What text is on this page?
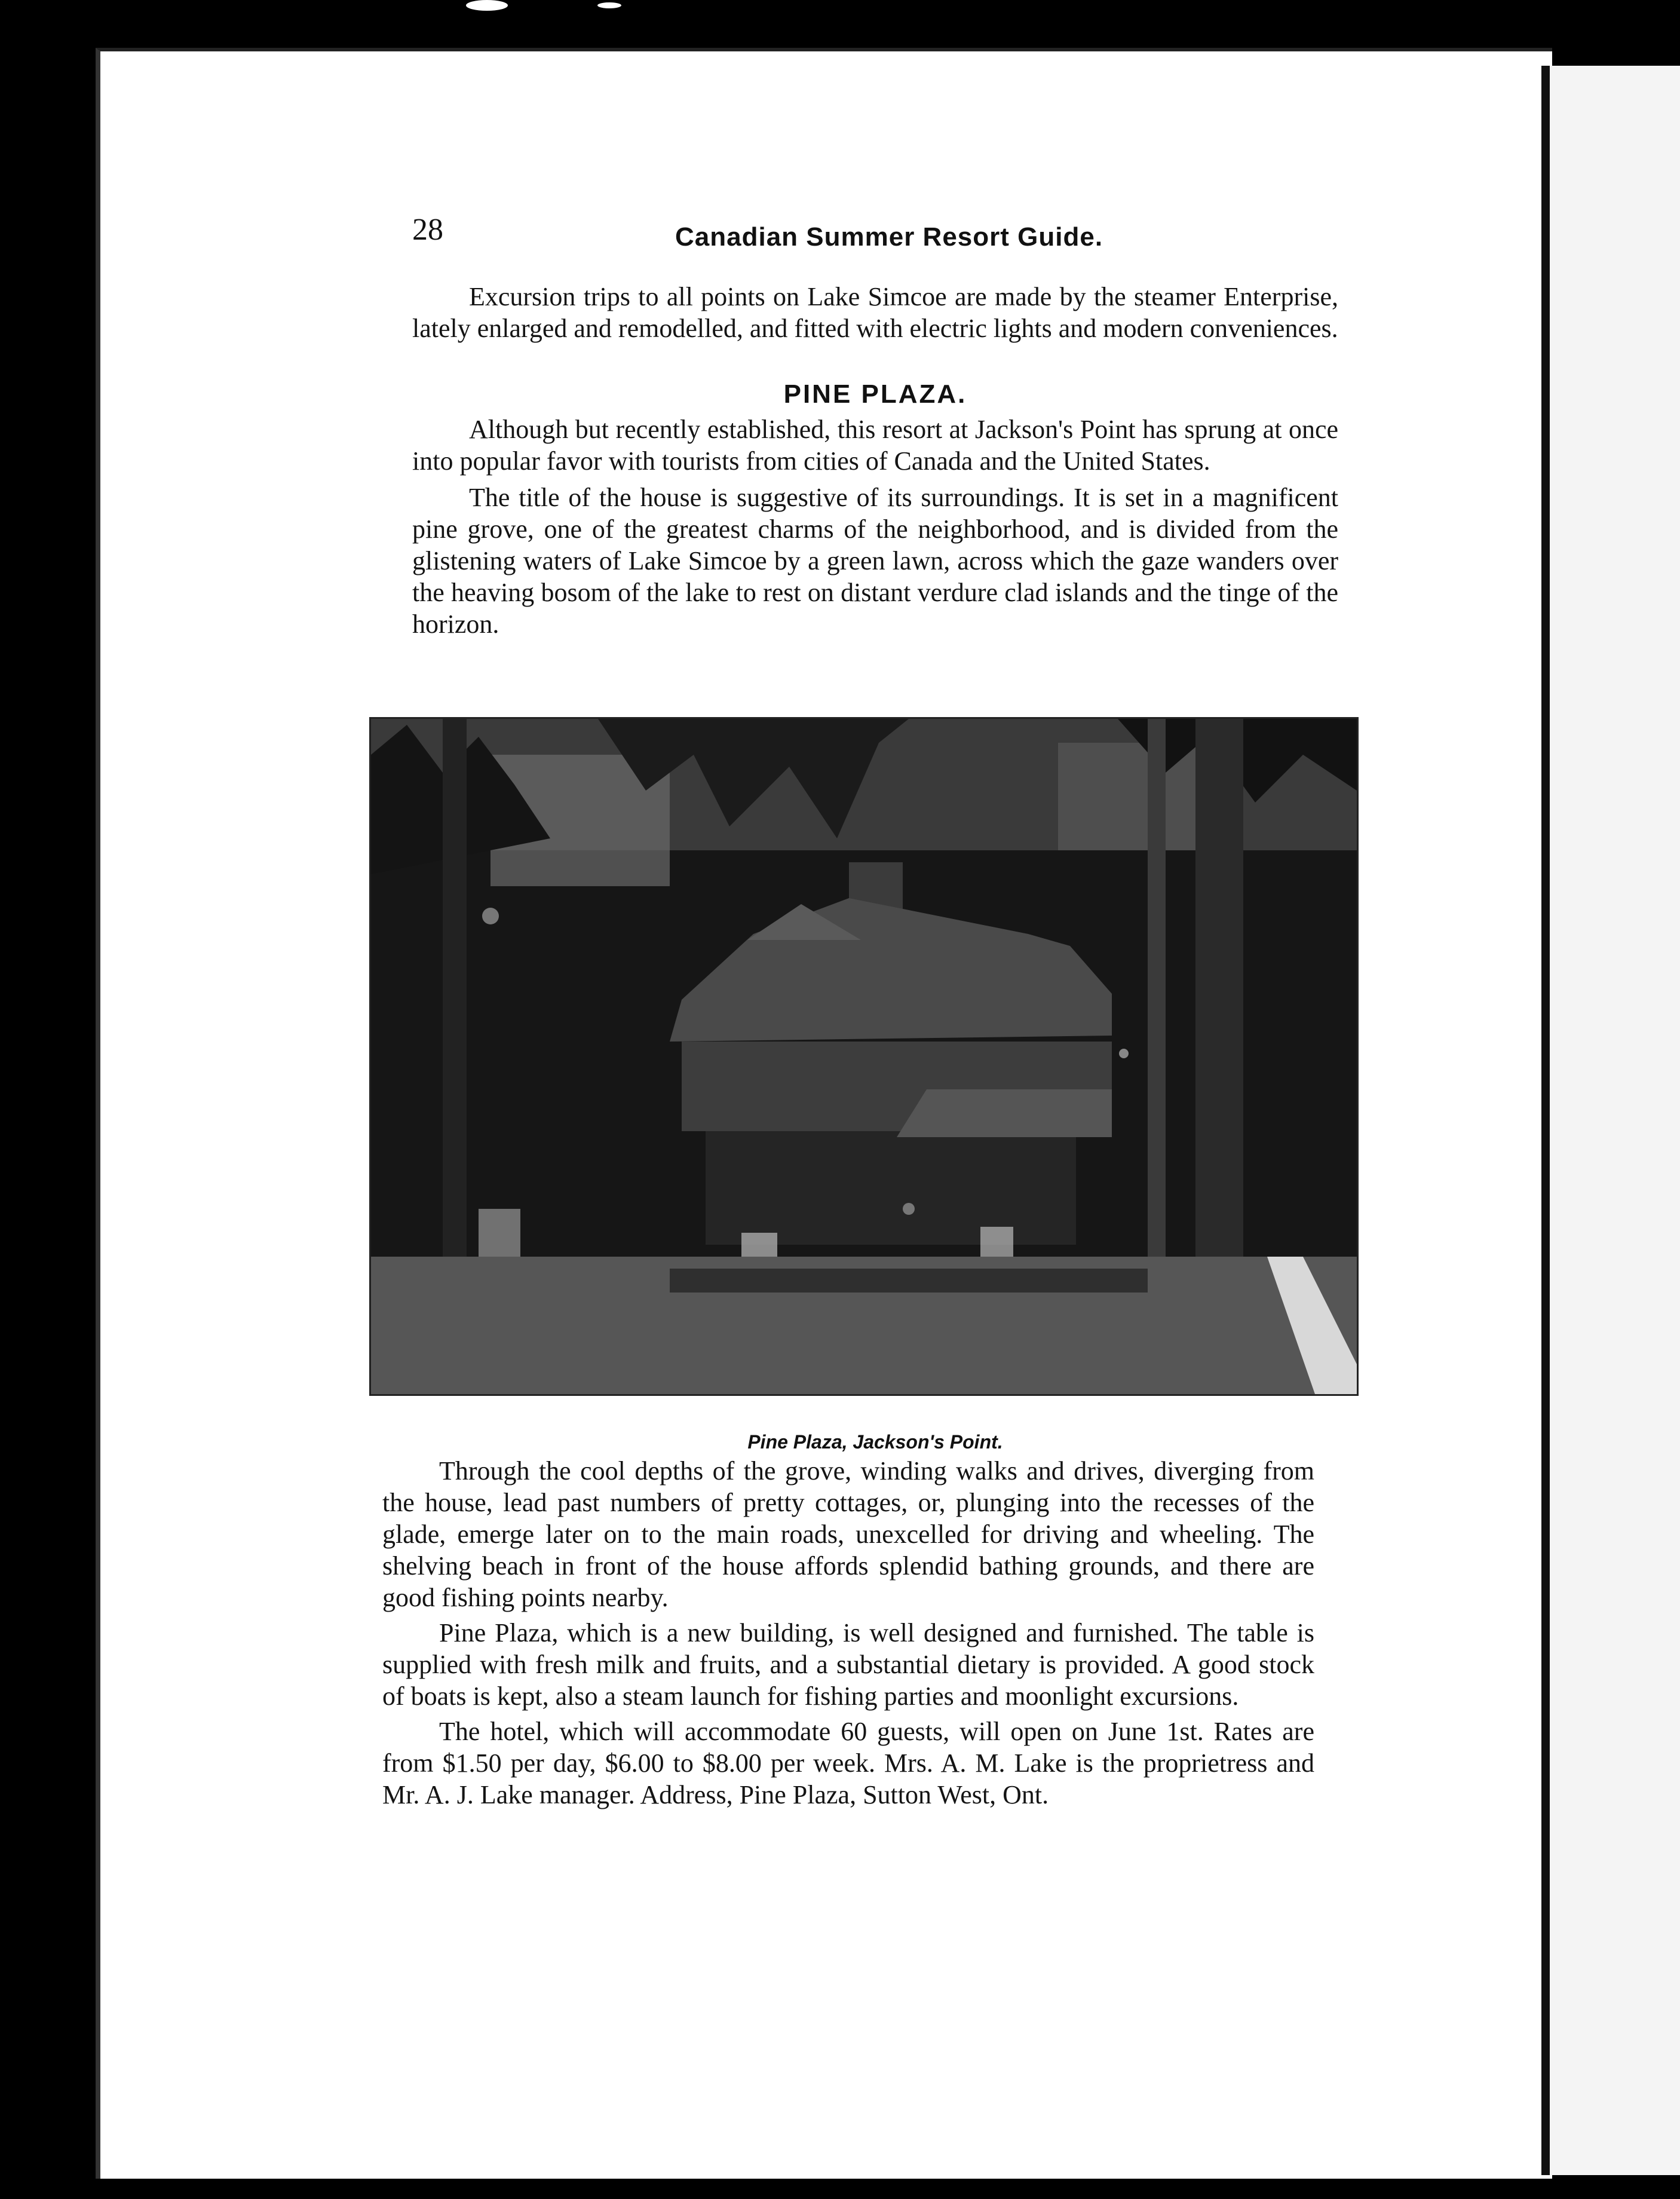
28	Canadian Summer Resort Guide.

Excursion trips to all points on Lake Simcoe are made by the steamer Enterprise, lately enlarged and remodelled, and fitted with electric lights and modern conveniences.

PINE PLAZA.

Although but recently established, this resort at Jackson's Point has sprung at once into popular favor with tourists from cities of Canada and the United States.

The title of the house is suggestive of its surroundings. It is set in a magnificent pine grove, one of the greatest charms of the neighborhood, and is divided from the glistening waters of Lake Simcoe by a green lawn, across which the gaze wanders over the heaving bosom of the lake to rest on distant verdure clad islands and the tinge of the horizon.

Pine Plaza, Jackson's Point.

Through the cool depths of the grove, winding walks and drives, diverging from the house, lead past numbers of pretty cottages, or, plunging into the recesses of the glade, emerge later on to the main roads, unexcelled for driving and wheeling. The shelving beach in front of the house affords splendid bathing grounds, and there are good fishing points nearby.

Pine Plaza, which is a new building, is well designed and furnished. The table is supplied with fresh milk and fruits, and a substantial dietary is provided. A good stock of boats is kept, also a steam launch for fishing parties and moonlight excursions.

The hotel, which will accommodate 60 guests, will open on June 1st. Rates are from $1.50 per day, $6.00 to $8.00 per week. Mrs. A. M. Lake is the proprietress and Mr. A. J. Lake manager. Address, Pine Plaza, Sutton West, Ont.
